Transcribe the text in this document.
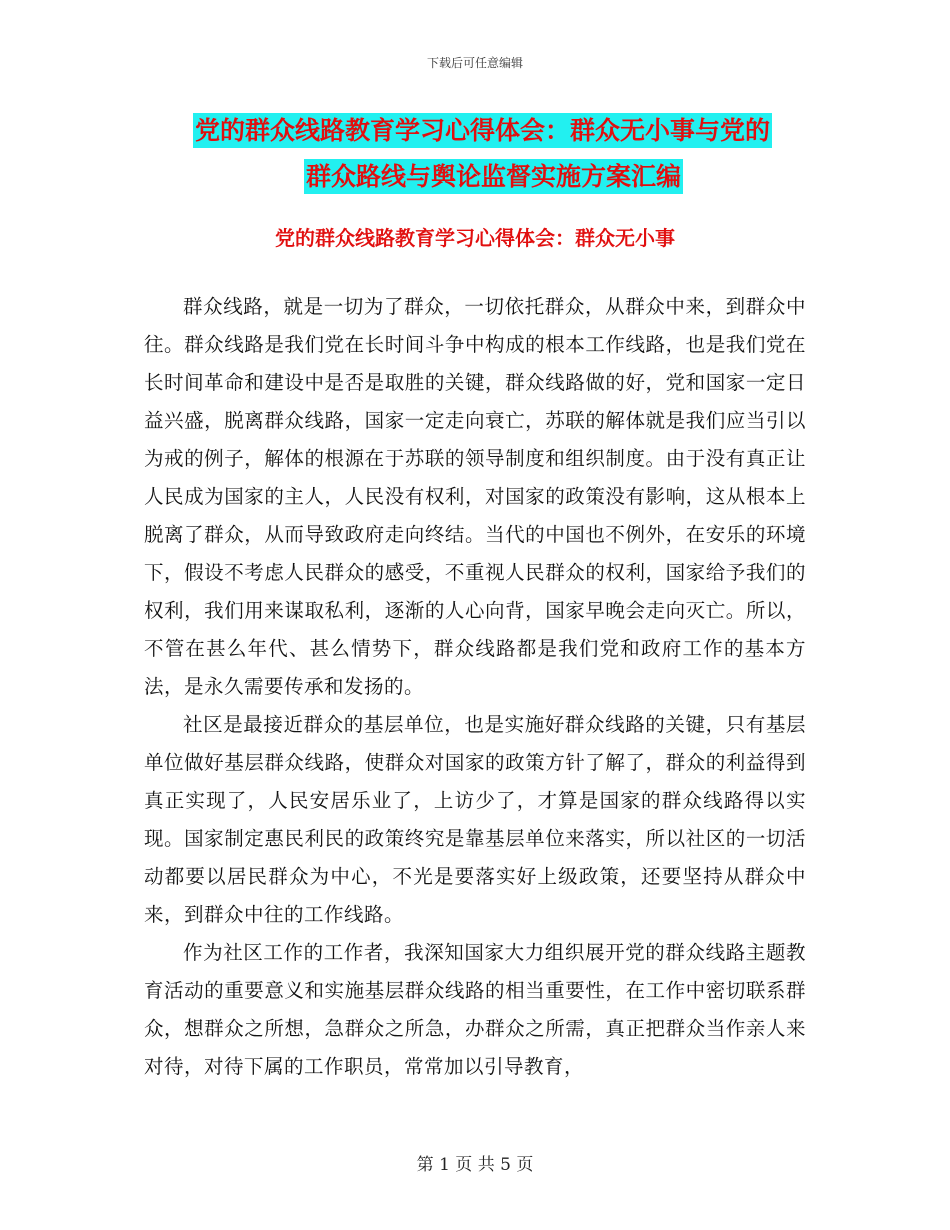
下载后可任意编辑
党的群众线路教育学习心得体会：群众无小事与党的
群众路线与舆论监督实施方案汇编
党的群众线路教育学习心得体会：群众无小事

群众线路，就是一切为了群众，一切依托群众，从群众中来，到群众中往。群众线路是我们党在长时间斗争中构成的根本工作线路，也是我们党在长时间革命和建设中是否是取胜的关键，群众线路做的好，党和国家一定日益兴盛，脱离群众线路，国家一定走向衰亡，苏联的解体就是我们应当引以为戒的例子，解体的根源在于苏联的领导制度和组织制度。由于没有真正让人民成为国家的主人，人民没有权利，对国家的政策没有影响，这从根本上脱离了群众，从而导致政府走向终结。当代的中国也不例外，在安乐的环境下，假设不考虑人民群众的感受，不重视人民群众的权利，国家给予我们的权利，我们用来谋取私利，逐渐的人心向背，国家早晚会走向灭亡。所以，不管在甚么年代、甚么情势下，群众线路都是我们党和政府工作的基本方法，是永久需要传承和发扬的。

社区是最接近群众的基层单位，也是实施好群众线路的关键，只有基层单位做好基层群众线路，使群众对国家的政策方针了解了，群众的利益得到真正实现了，人民安居乐业了，上访少了，才算是国家的群众线路得以实现。国家制定惠民利民的政策终究是靠基层单位来落实，所以社区的一切活动都要以居民群众为中心，不光是要落实好上级政策，还要坚持从群众中来，到群众中往的工作线路。

作为社区工作的工作者，我深知国家大力组织展开党的群众线路主题教育活动的重要意义和实施基层群众线路的相当重要性，在工作中密切联系群众，想群众之所想，急群众之所急，办群众之所需，真正把群众当作亲人来对待，对待下属的工作职员，常常加以引导教育，

第 1 页 共 5 页
